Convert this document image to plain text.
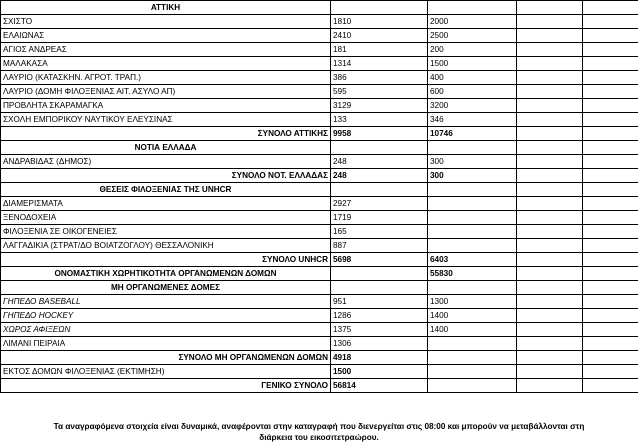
ΑΤΤΙΚΗ				
ΣΧΙΣΤΟ	1810	2000		
ΕΛΑΙΩΝΑΣ	2410	2500		
ΑΓΙΟΣ ΑΝΔΡΕΑΣ	181	200		
ΜΑΛΑΚΑΣΑ	1314	1500		
ΛΑΥΡΙΟ (ΚΑΤΑΣΚΗΝ. ΑΓΡΟΤ. ΤΡΑΠ.)	386	400		
ΛΑΥΡΙΟ (ΔΟΜΗ ΦΙΛΟΞΕΝΙΑΣ ΑΙΤ. ΑΣΥΛΟ ΑΠ)	595	600		
ΠΡΟΒΛΗΤΑ ΣΚΑΡΑΜΑΓΚΑ	3129	3200		
ΣΧΟΛΗ ΕΜΠΟΡΙΚΟΥ ΝΑΥΤΙΚΟΥ ΕΛΕΥΣΙΝΑΣ	133	346		
ΣΥΝΟΛΟ ΑΤΤΙΚΗΣ	9958	10746		
ΝΟΤΙΑ ΕΛΛΑΔΑ				
ΑΝΔΡΑΒΙΔΑΣ (ΔΗΜΟΣ)	248	300		
ΣΥΝΟΛΟ ΝΟΤ. ΕΛΛΑΔΑΣ	248	300		
ΘΕΣΕΙΣ ΦΙΛΟΞΕΝΙΑΣ ΤΗΣ UNHCR				
ΔΙΑΜΕΡΙΣΜΑΤΑ	2927			
ΞΕΝΟΔΟΧΕΙΑ	1719			
ΦΙΛΟΞΕΝΙΑ ΣΕ ΟΙΚΟΓΕΝΕΙΕΣ	165			
ΛΑΓΓΑΔΙΚΙΑ (ΣΤΡΑΤ/ΔΟ ΒΟΙΑΤΖΟΓΛΟΥ) ΘΕΣΣΑΛΟΝΙΚΗ	887			
ΣΥΝΟΛΟ UNHCR	5698	6403		
ΟΝΟΜΑΣΤΙΚΗ ΧΩΡΗΤΙΚΟΤΗΤΑ ΟΡΓΑΝΩΜΕΝΩΝ ΔΟΜΩΝ		55830		
ΜΗ ΟΡΓΑΝΩΜΕΝΕΣ ΔΟΜΕΣ				
ΓΗΠΕΔΟ BASEBALL	951	1300		
ΓΗΠΕΔΟ HOCKEY	1286	1400		
ΧΩΡΟΣ ΑΦΙΞΕΩΝ	1375	1400		
ΛΙΜΑΝΙ ΠΕΙΡΑΙΑ	1306			
ΣΥΝΟΛΟ ΜΗ ΟΡΓΑΝΩΜΕΝΩΝ ΔΟΜΩΝ	4918			
ΕΚΤΟΣ ΔΟΜΩΝ ΦΙΛΟΞΕΝΙΑΣ (ΕΚΤΙΜΗΣΗ)	1500			
ΓΕΝΙΚΟ ΣΥΝΟΛΟ	56814			
Τα αναγραφόμενα στοιχεία είναι δυναμικά, αναφέρονται στην καταγραφή που διενεργείται στις 08:00 και μπορούν να μεταβάλλονται στη
διάρκεια του εικοσιτετραώρου.
